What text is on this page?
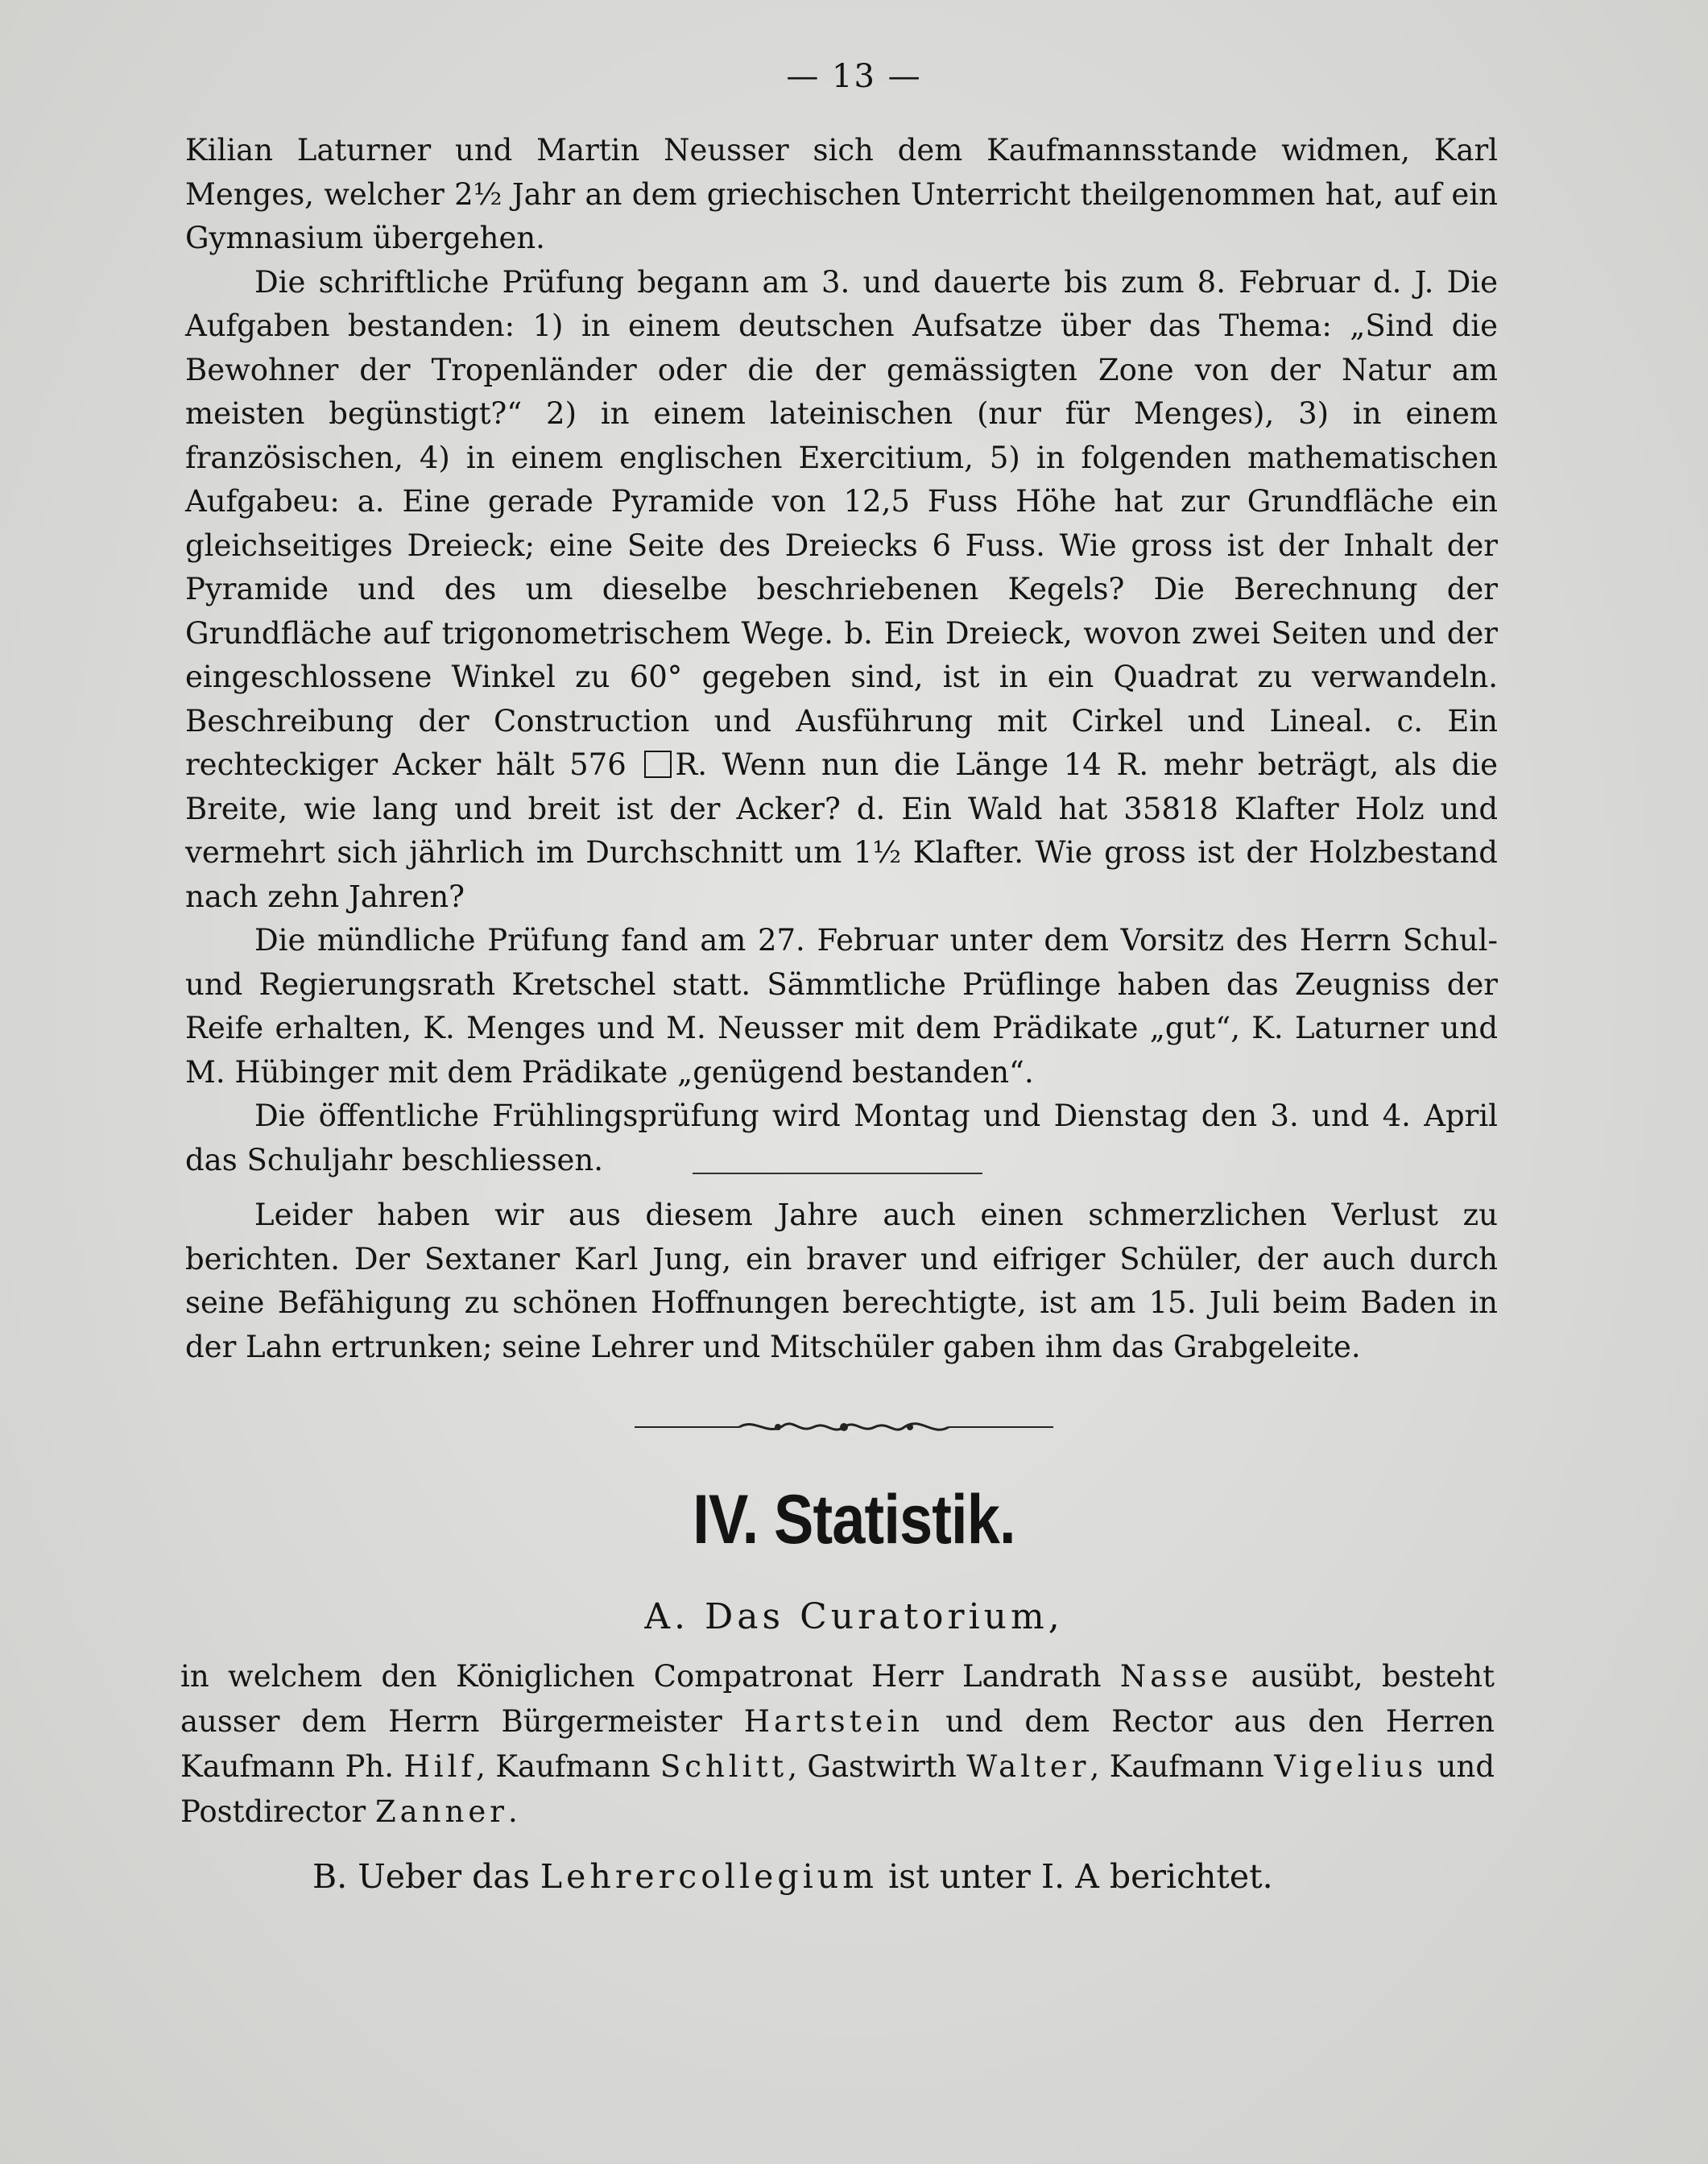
— 13 —

Kilian Laturner und Martin Neusser sich dem Kaufmannsstande widmen, Karl Menges, welcher 2½ Jahr an dem griechischen Unterricht theilgenommen hat, auf ein Gymnasium übergehen.

Die schriftliche Prüfung begann am 3. und dauerte bis zum 8. Februar d. J. Die Aufgaben bestanden: 1) in einem deutschen Aufsatze über das Thema: „Sind die Bewohner der Tropenländer oder die der gemässigten Zone von der Natur am meisten begünstigt?“ 2) in einem lateinischen (nur für Menges), 3) in einem französischen, 4) in einem englischen Exercitium, 5) in folgenden mathematischen Aufgabeu: a. Eine gerade Pyramide von 12,5 Fuss Höhe hat zur Grundfläche ein gleichseitiges Dreieck; eine Seite des Dreiecks 6 Fuss. Wie gross ist der Inhalt der Pyramide und des um dieselbe beschriebenen Kegels? Die Berechnung der Grundfläche auf trigonometrischem Wege. b. Ein Dreieck, wovon zwei Seiten und der eingeschlossene Winkel zu 60° gegeben sind, ist in ein Quadrat zu verwandeln. Beschreibung der Construction und Ausführung mit Cirkel und Lineal. c. Ein rechteckiger Acker hält 576 R. Wenn nun die Länge 14 R. mehr beträgt, als die Breite, wie lang und breit ist der Acker? d. Ein Wald hat 35818 Klafter Holz und vermehrt sich jährlich im Durchschnitt um 1½ Klafter. Wie gross ist der Holzbestand nach zehn Jahren?

Die mündliche Prüfung fand am 27. Februar unter dem Vorsitz des Herrn Schul- und Regierungsrath Kretschel statt. Sämmtliche Prüflinge haben das Zeugniss der Reife erhalten, K. Menges und M. Neusser mit dem Prädikate „gut“, K. Laturner und M. Hübinger mit dem Prädikate „genügend bestanden“.

Die öffentliche Frühlingsprüfung wird Montag und Dienstag den 3. und 4. April das Schuljahr beschliessen.

Leider haben wir aus diesem Jahre auch einen schmerzlichen Verlust zu berichten. Der Sextaner Karl Jung, ein braver und eifriger Schüler, der auch durch seine Befähigung zu schönen Hoffnungen berechtigte, ist am 15. Juli beim Baden in der Lahn ertrunken; seine Lehrer und Mitschüler gaben ihm das Grabgeleite.

IV. Statistik.
A. Das Curatorium,

in welchem den Königlichen Compatronat Herr Landrath Nasse ausübt, besteht ausser dem Herrn Bürgermeister Hartstein und dem Rector aus den Herren Kaufmann Ph. Hilf, Kaufmann Schlitt, Gastwirth Walter, Kaufmann Vigelius und Postdirector Zanner.

B. Ueber das Lehrercollegium ist unter I. A berichtet.
